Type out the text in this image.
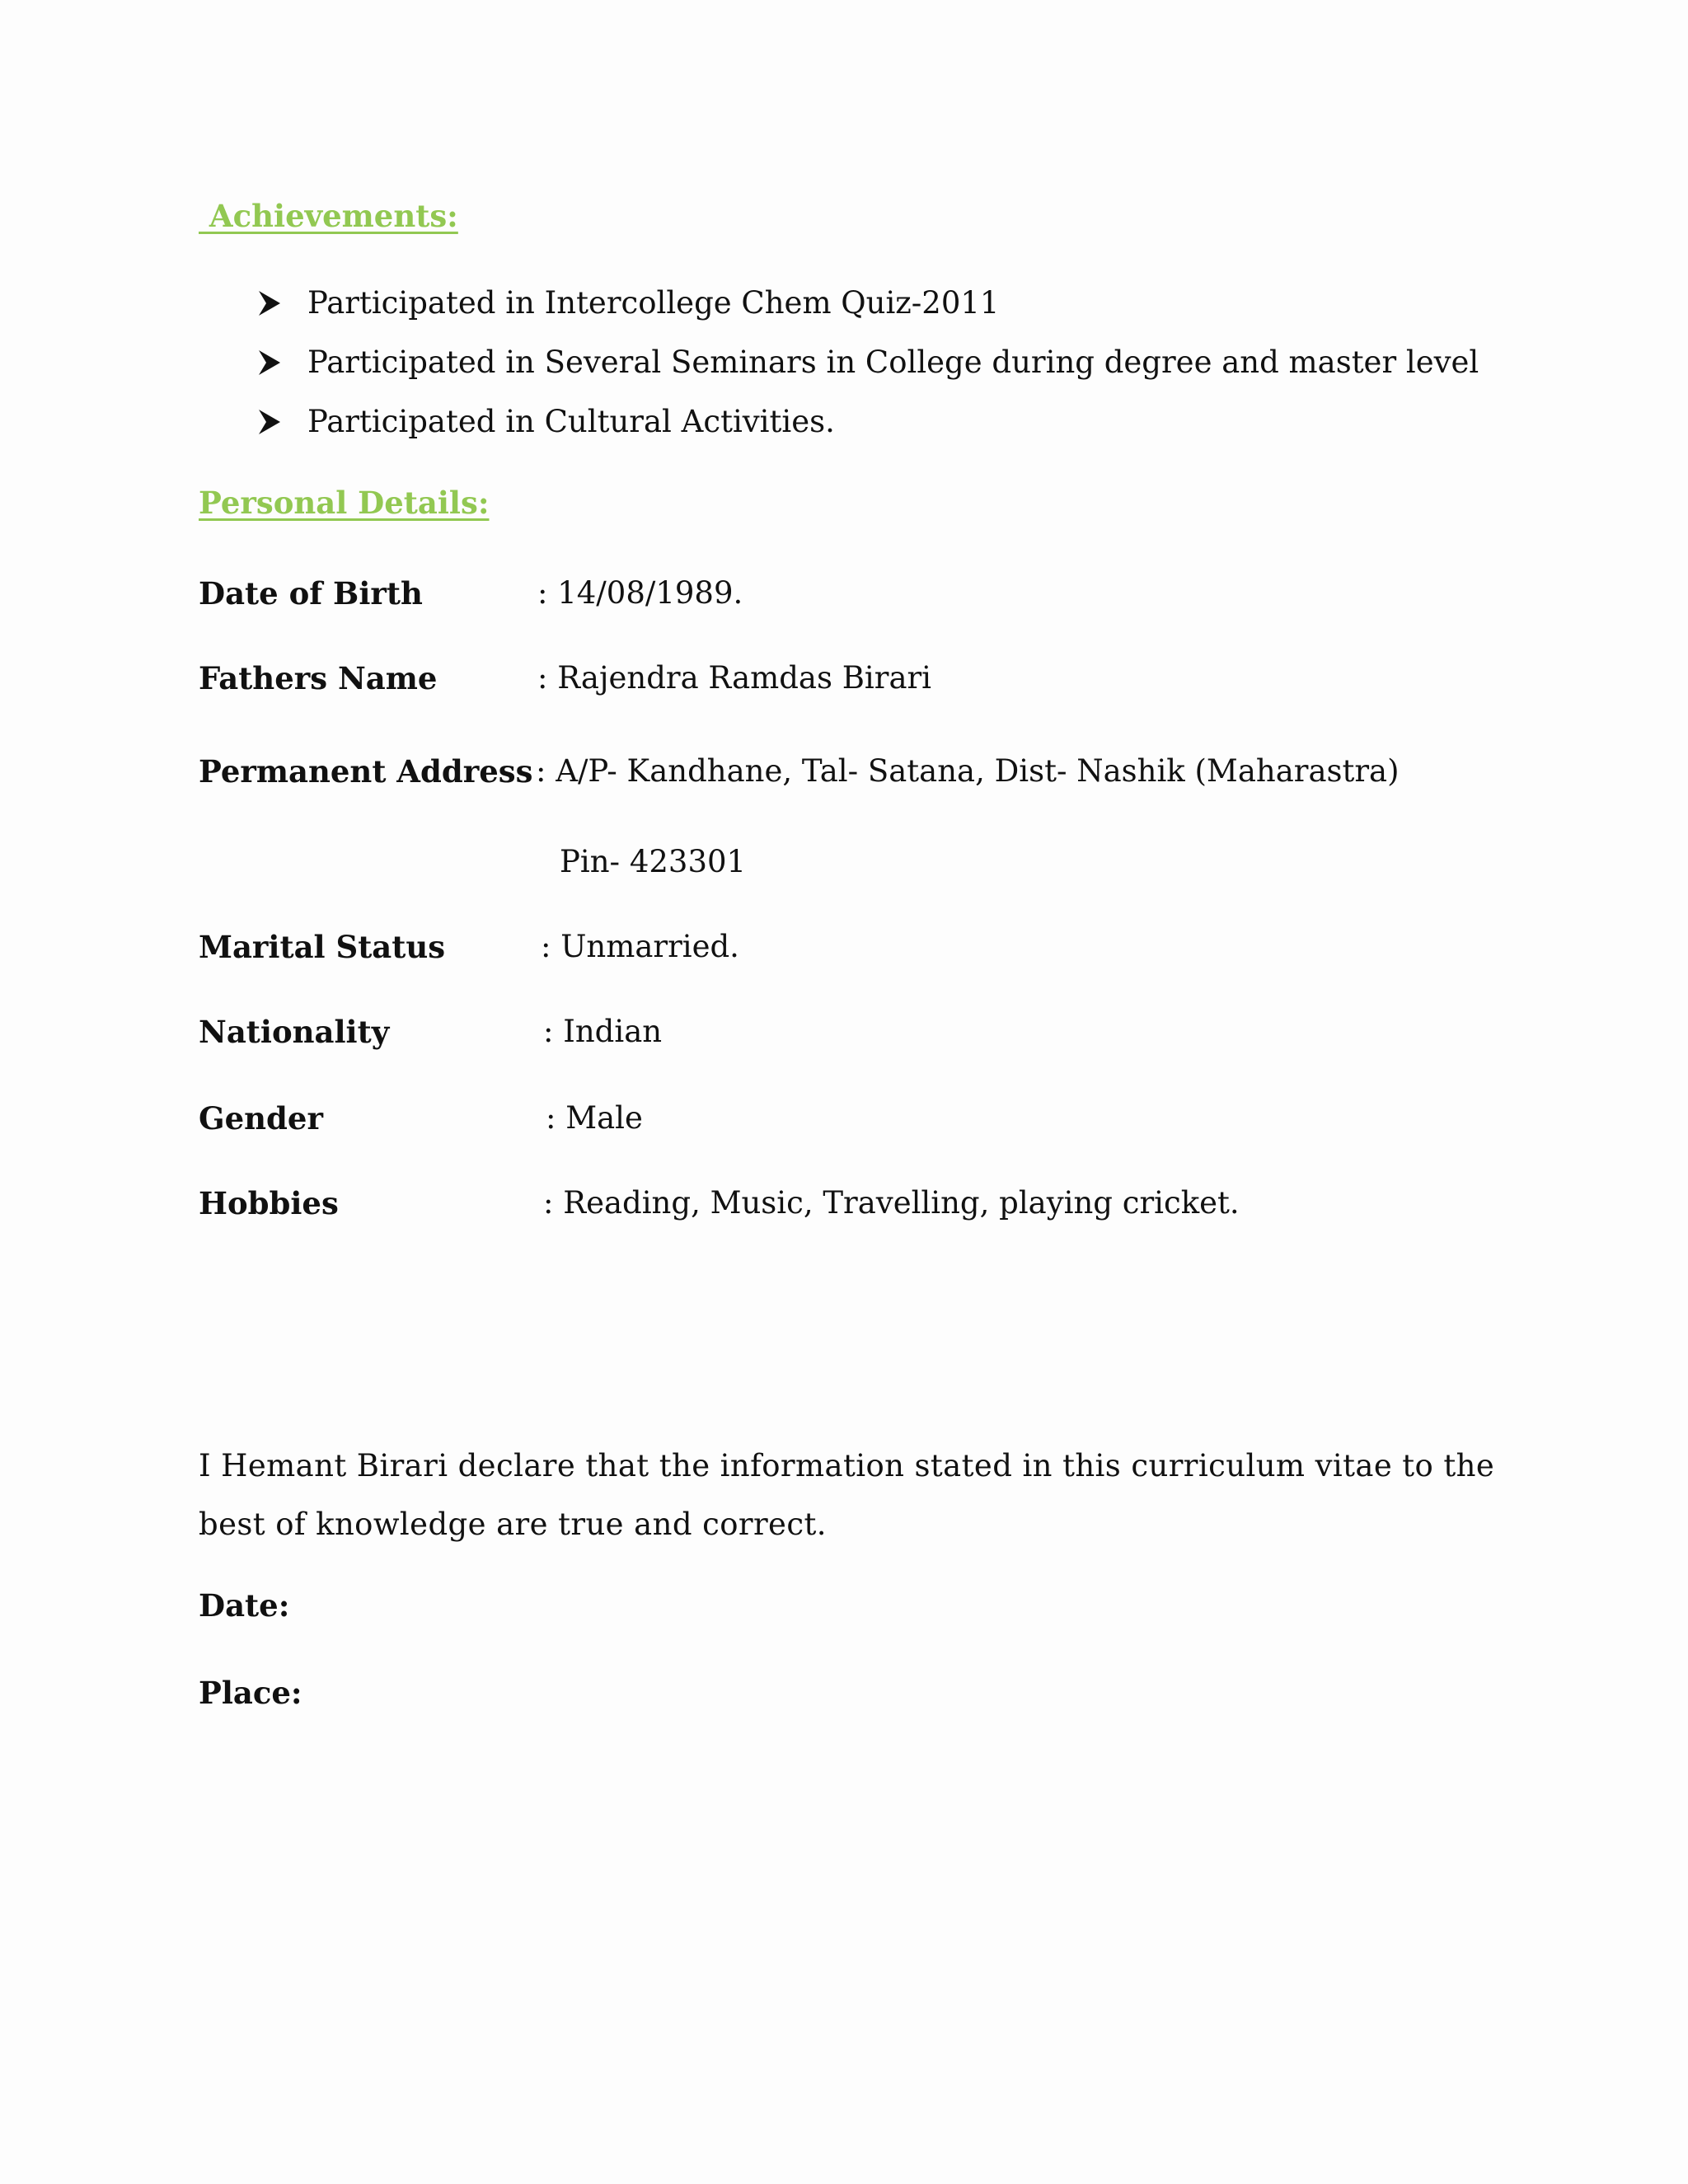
Achievements:
Participated in Intercollege Chem Quiz-2011
Participated in Several Seminars in College during degree and master level
Participated in Cultural Activities.
Personal Details:
Date of Birth	: 14/08/1989.
Fathers Name	: Rajendra Ramdas Birari
Permanent Address : A/P- Kandhane, Tal- Satana, Dist- Nashik (Maharastra)
Pin- 423301
Marital Status	: Unmarried.
Nationality	: Indian
Gender	: Male
Hobbies	: Reading, Music, Travelling, playing cricket.

I Hemant Birari declare that the information stated in this curriculum vitae to the best of knowledge are true and correct.

Date:
Place:
